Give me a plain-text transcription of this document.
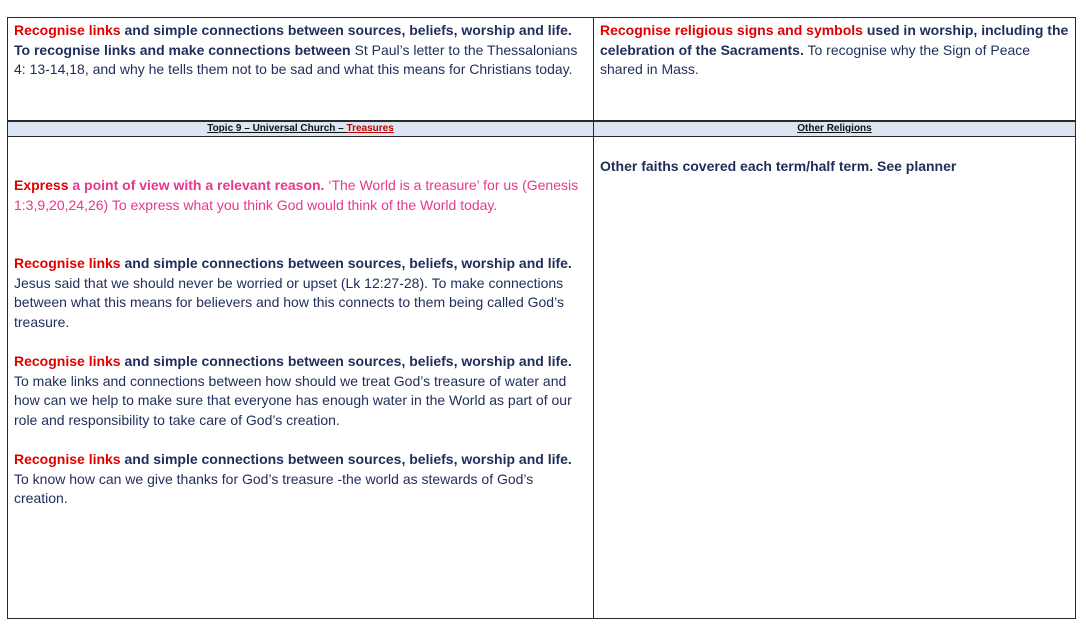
Recognise links and simple connections between sources, beliefs, worship and life.
To recognise links and make connections between St Paul’s letter to the Thessalonians 4: 13-14,18, and why he tells them not to be sad and what this means for Christians today.

Recognise religious signs and symbols used in worship, including the celebration of the Sacraments. To recognise why the Sign of Peace shared in Mass.

Topic 9 – Universal Church – Treasures	Other Religions

Express a point of view with a relevant reason. ‘The World is a treasure’ for us (Genesis 1:3,9,20,24,26) To express what you think God would think of the World today.

Recognise links and simple connections between sources, beliefs, worship and life. Jesus said that we should never be worried or upset (Lk 12:27-28). To make connections between what this means for believers and how this connects to them being called God’s treasure.

Recognise links and simple connections between sources, beliefs, worship and life. To make links and connections between how should we treat God’s treasure of water and how can we help to make sure that everyone has enough water in the World as part of our role and responsibility to take care of God’s creation.

Recognise links and simple connections between sources, beliefs, worship and life. To know how can we give thanks for God’s treasure -the world as stewards of God’s creation.

Other faiths covered each term/half term. See planner
